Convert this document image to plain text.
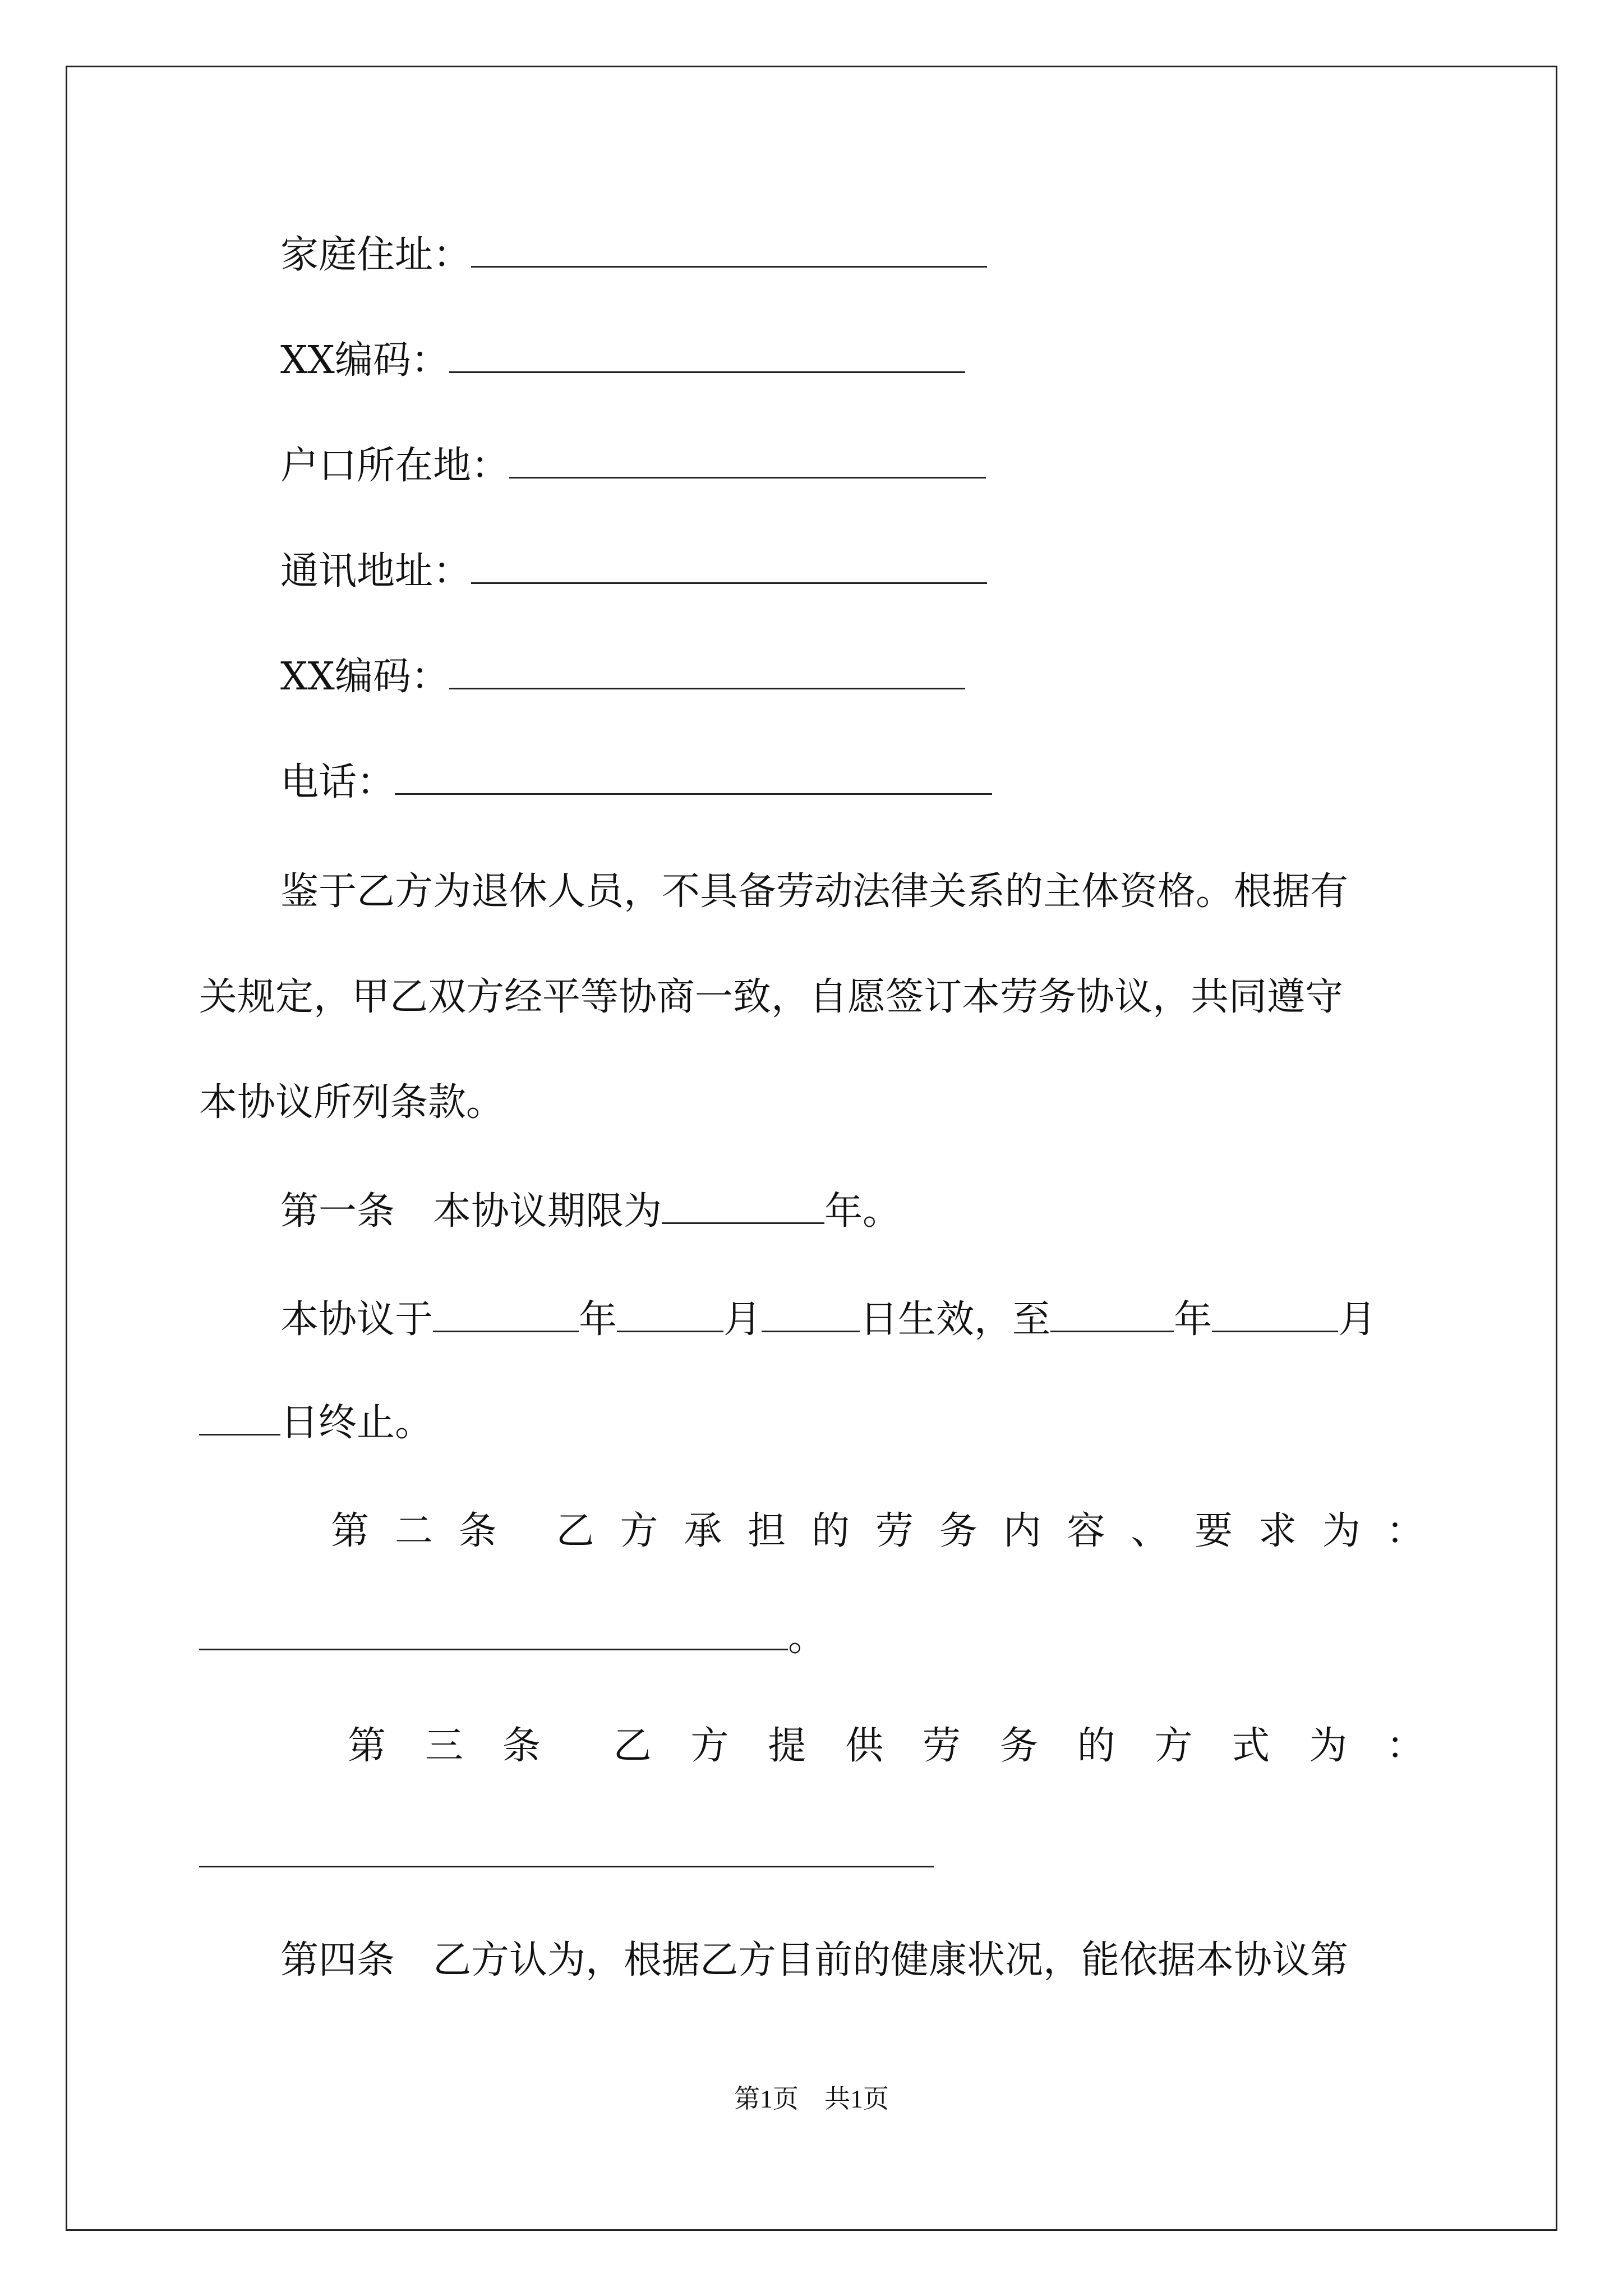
家庭住址：
XX编码：
户口所在地：
通讯地址：
XX编码：
电话：
鉴于乙方为退休人员，不具备劳动法律关系的主体资格。根据有
关规定，甲乙双方经平等协商一致，自愿签订本劳务协议，共同遵守
本协议所列条款。
第一条　本协议期限为	年。
本协议于	年	月	日生效，至	年	月
日终止。
第 二 条 乙 方 承 担 的 劳 务 内 容 、 要 求 为 ：
。
第 三 条 乙 方 提 供 劳 务 的 方 式 为 ：
第四条　乙方认为，根据乙方目前的健康状况，能依据本协议第
第1页 共1页
